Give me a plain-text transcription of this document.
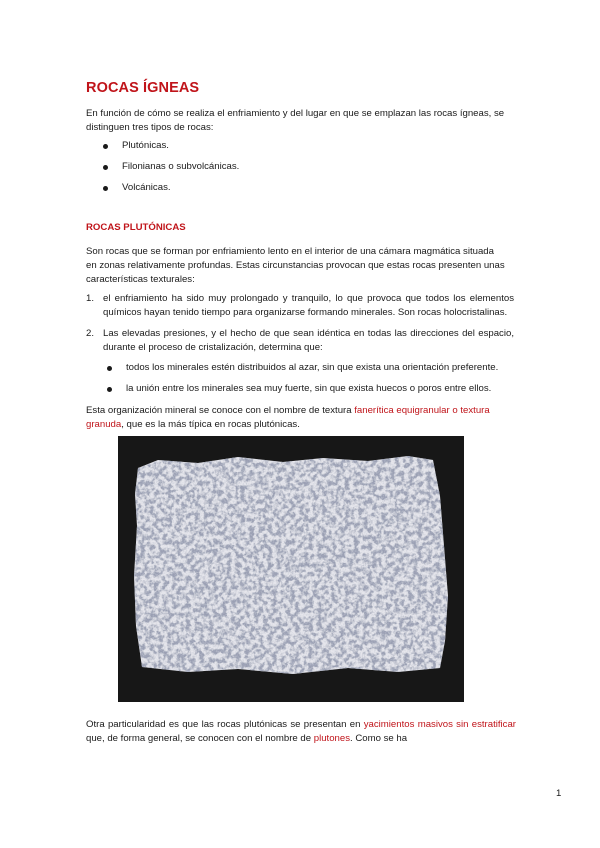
ROCAS ÍGNEAS

En función de cómo se realiza el enfriamiento y del lugar en que se emplazan las rocas ígneas, se distinguen tres tipos de rocas:

Plutónicas.
Filonianas o subvolcánicas.
Volcánicas.
ROCAS PLUTÓNICAS

Son rocas que se forman por enfriamiento lento en el interior de una cámara magmática situada en zonas relativamente profundas. Estas circunstancias provocan que estas rocas presenten unas características texturales:

1. el enfriamiento ha sido muy prolongado y tranquilo, lo que provoca que todos los elementos químicos hayan tenido tiempo para organizarse formando minerales. Son rocas holocristalinas.
2. Las elevadas presiones, y el hecho de que sean idéntica en todas las direcciones del espacio, durante el proceso de cristalización, determina que:
todos los minerales estén distribuidos al azar, sin que exista una orientación preferente.
la unión entre los minerales sea muy fuerte, sin que exista huecos o poros entre ellos.

Esta organización mineral se conoce con el nombre de textura fanerítica equigranular o textura granuda, que es la más típica en rocas plutónicas.

Otra particularidad es que las rocas plutónicas se presentan en yacimientos masivos sin estratificar que, de forma general, se conocen con el nombre de plutones. Como se ha

1
